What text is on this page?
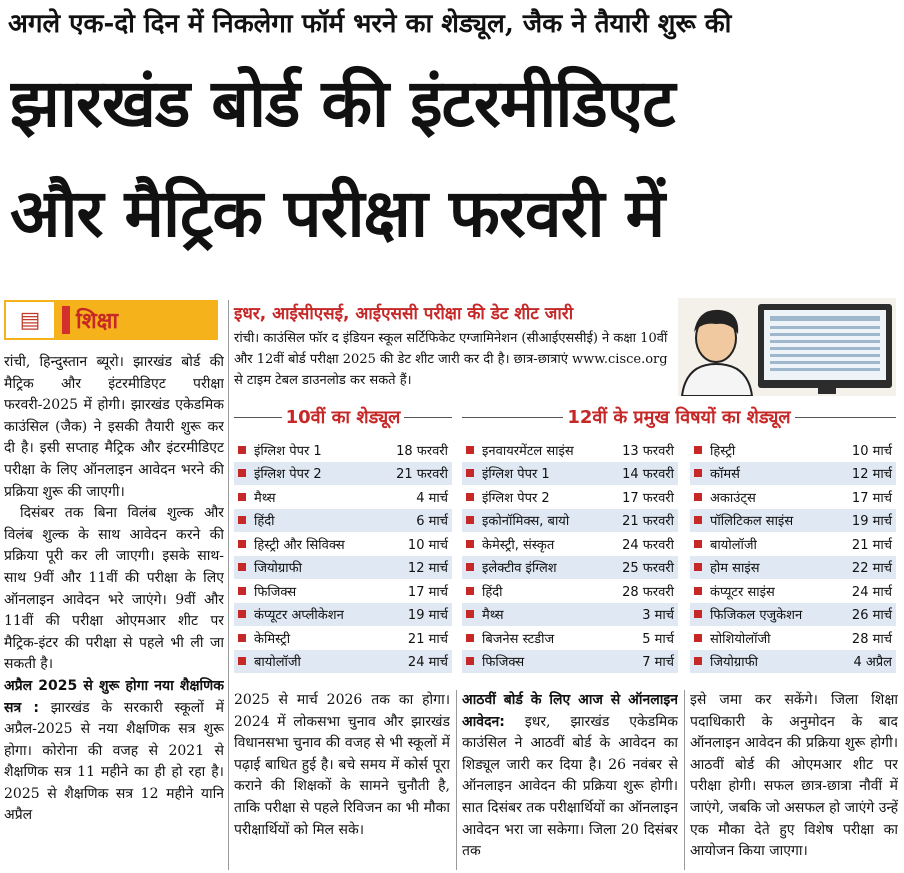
अगले एक-दो दिन में निकलेगा फॉर्म भरने का शेड्यूल, जैक ने तैयारी शुरू की
झारखंड बोर्ड की इंटरमीडिएट
और मैट्रिक परीक्षा फरवरी में
▤	शिक्षा

रांची, हिन्दुस्तान ब्यूरो। झारखंड बोर्ड की मैट्रिक और इंटरमीडिएट परीक्षा फरवरी-2025 में होगी। झारखंड एकेडमिक काउंसिल (जैक) ने इसकी तैयारी शुरू कर दी है। इसी सप्ताह मैट्रिक और इंटरमीडिएट परीक्षा के लिए ऑनलाइन आवेदन भरने की प्रक्रिया शुरू की जाएगी।

दिसंबर तक बिना विलंब शुल्क और विलंब शुल्क के साथ आवेदन करने की प्रक्रिया पूरी कर ली जाएगी। इसके साथ-साथ 9वीं और 11वीं की परीक्षा के लिए ऑनलाइन आवेदन भरे जाएंगे। 9वीं और 11वीं की परीक्षा ओएमआर शीट पर मैट्रिक-इंटर की परीक्षा से पहले भी ली जा सकती है।

अप्रैल 2025 से शुरू होगा नया शैक्षणिक सत्र : झारखंड के सरकारी स्कूलों में अप्रैल-2025 से नया शैक्षणिक सत्र शुरू होगा। कोरोना की वजह से 2021 से शैक्षणिक सत्र 11 महीने का ही हो रहा है। 2025 से शैक्षणिक सत्र 12 महीने यानि अप्रैल

इधर, आईसीएसई, आईएससी परीक्षा की डेट शीट जारी
रांची। काउंसिल फॉर द इंडियन स्कूल सर्टिफिकेट एग्जामिनेशन (सीआईएससीई) ने कक्षा 10वीं और 12वीं बोर्ड परीक्षा 2025 की डेट शीट जारी कर दी है। छात्र-छात्राएं www.cisce.org से टाइम टेबल डाउनलोड कर सकते हैं।
10वीं का शेड्यूल	12वीं के प्रमुख विषयों का शेड्यूल
इंग्लिश पेपर 1	18 फरवरी
इंग्लिश पेपर 2	21 फरवरी
मैथ्स	4 मार्च
हिंदी	6 मार्च
हिस्ट्री और सिविक्स	10 मार्च
जियोग्राफी	12 मार्च
फिजिक्स	17 मार्च
कंप्यूटर अप्लीकेशन	19 मार्च
केमिस्ट्री	21 मार्च
बायोलॉजी	24 मार्च
इनवायरमेंटल साइंस	13 फरवरी
इंग्लिश पेपर 1	14 फरवरी
इंग्लिश पेपर 2	17 फरवरी
इकोनॉमिक्स, बायो	21 फरवरी
केमेस्ट्री, संस्कृत	24 फरवरी
इलेक्टीव इंग्लिश	25 फरवरी
हिंदी	28 फरवरी
मैथ्स	3 मार्च
बिजनेस स्टडीज	5 मार्च
फिजिक्स	7 मार्च
हिस्ट्री	10 मार्च
कॉमर्स	12 मार्च
अकाउंट्स	17 मार्च
पॉलिटिकल साइंस	19 मार्च
बायोलॉजी	21 मार्च
होम साइंस	22 मार्च
कंप्यूटर साइंस	24 मार्च
फिजिकल एजुकेशन	26 मार्च
सोशियोलॉजी	28 मार्च
जियोग्राफी	4 अप्रैल
2025 से मार्च 2026 तक का होगा। 2024 में लोकसभा चुनाव और झारखंड विधानसभा चुनाव की वजह से भी स्कूलों में पढ़ाई बाधित हुई है। बचे समय में कोर्स पूरा कराने की शिक्षकों के सामने चुनौती है, ताकि परीक्षा से पहले रिविजन का भी मौका परीक्षार्थियों को मिल सके।

आठवीं बोर्ड के लिए आज से ऑनलाइन आवेदन: इधर, झारखंड एकेडमिक काउंसिल ने आठवीं बोर्ड के आवेदन का शिड्यूल जारी कर दिया है। 26 नवंबर से ऑनलाइन आवेदन की प्रक्रिया शुरू होगी। सात दिसंबर तक परीक्षार्थियों का ऑनलाइन आवेदन भरा जा सकेगा। जिला 20 दिसंबर तक

इसे जमा कर सकेंगे। जिला शिक्षा पदाधिकारी के अनुमोदन के बाद ऑनलाइन आवेदन की प्रक्रिया शुरू होगी। आठवीं बोर्ड की ओएमआर शीट पर परीक्षा होगी। सफल छात्र-छात्रा नौवीं में जाएंगे, जबकि जो असफल हो जाएंगे उन्हें एक मौका देते हुए विशेष परीक्षा का आयोजन किया जाएगा।
